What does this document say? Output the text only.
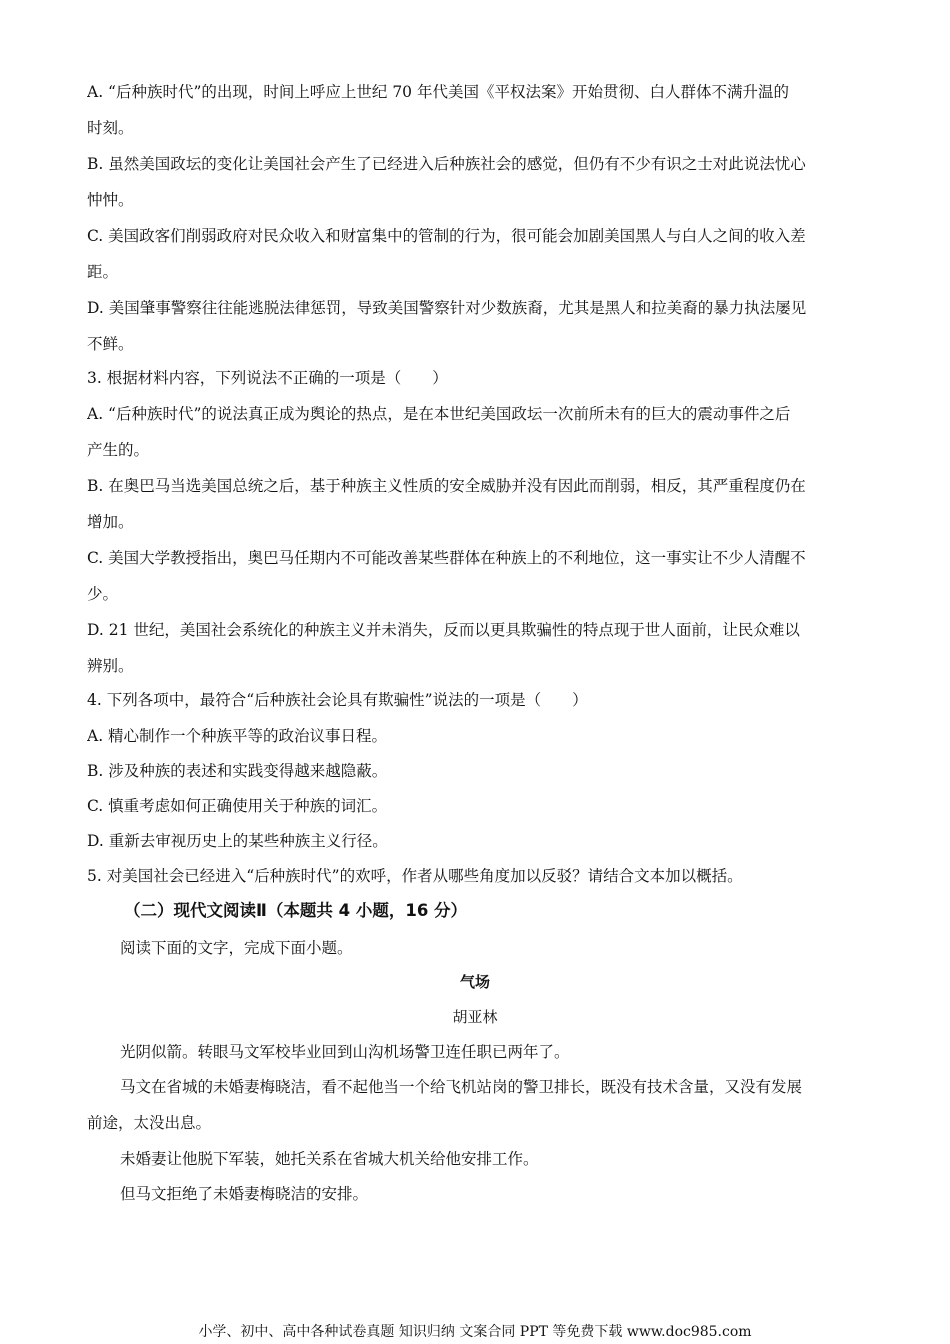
A. “后种族时代”的出现，时间上呼应上世纪 70 年代美国《平权法案》开始贯彻、白人群体不满升温的
时刻。
B. 虽然美国政坛的变化让美国社会产生了已经进入后种族社会的感觉，但仍有不少有识之士对此说法忧心
忡忡。
C. 美国政客们削弱政府对民众收入和财富集中的管制的行为，很可能会加剧美国黑人与白人之间的收入差
距。
D. 美国肇事警察往往能逃脱法律惩罚，导致美国警察针对少数族裔，尤其是黑人和拉美裔的暴力执法屡见
不鲜。
3. 根据材料内容，下列说法不正确的一项是（　　）
A. “后种族时代”的说法真正成为舆论的热点，是在本世纪美国政坛一次前所未有的巨大的震动事件之后
产生的。
B. 在奥巴马当选美国总统之后，基于种族主义性质的安全威胁并没有因此而削弱，相反，其严重程度仍在
增加。
C. 美国大学教授指出，奥巴马任期内不可能改善某些群体在种族上的不利地位，这一事实让不少人清醒不
少。
D. 21 世纪，美国社会系统化的种族主义并未消失，反而以更具欺骗性的特点现于世人面前，让民众难以
辨别。
4. 下列各项中，最符合“后种族社会论具有欺骗性”说法的一项是（　　）
A. 精心制作一个种族平等的政治议事日程。
B. 涉及种族的表述和实践变得越来越隐蔽。
C. 慎重考虑如何正确使用关于种族的词汇。
D. 重新去审视历史上的某些种族主义行径。
5. 对美国社会已经进入“后种族时代”的欢呼，作者从哪些角度加以反驳？请结合文本加以概括。
（二）现代文阅读Ⅱ（本题共 4 小题，16 分）
阅读下面的文字，完成下面小题。
气场
胡亚林
光阴似箭。转眼马文军校毕业回到山沟机场警卫连任职已两年了。
马文在省城的未婚妻梅晓洁，看不起他当一个给飞机站岗的警卫排长，既没有技术含量，又没有发展
前途，太没出息。
未婚妻让他脱下军装，她托关系在省城大机关给他安排工作。
但马文拒绝了未婚妻梅晓洁的安排。
小学、初中、高中各种试卷真题 知识归纳 文案合同 PPT 等免费下载 www.doc985.com
